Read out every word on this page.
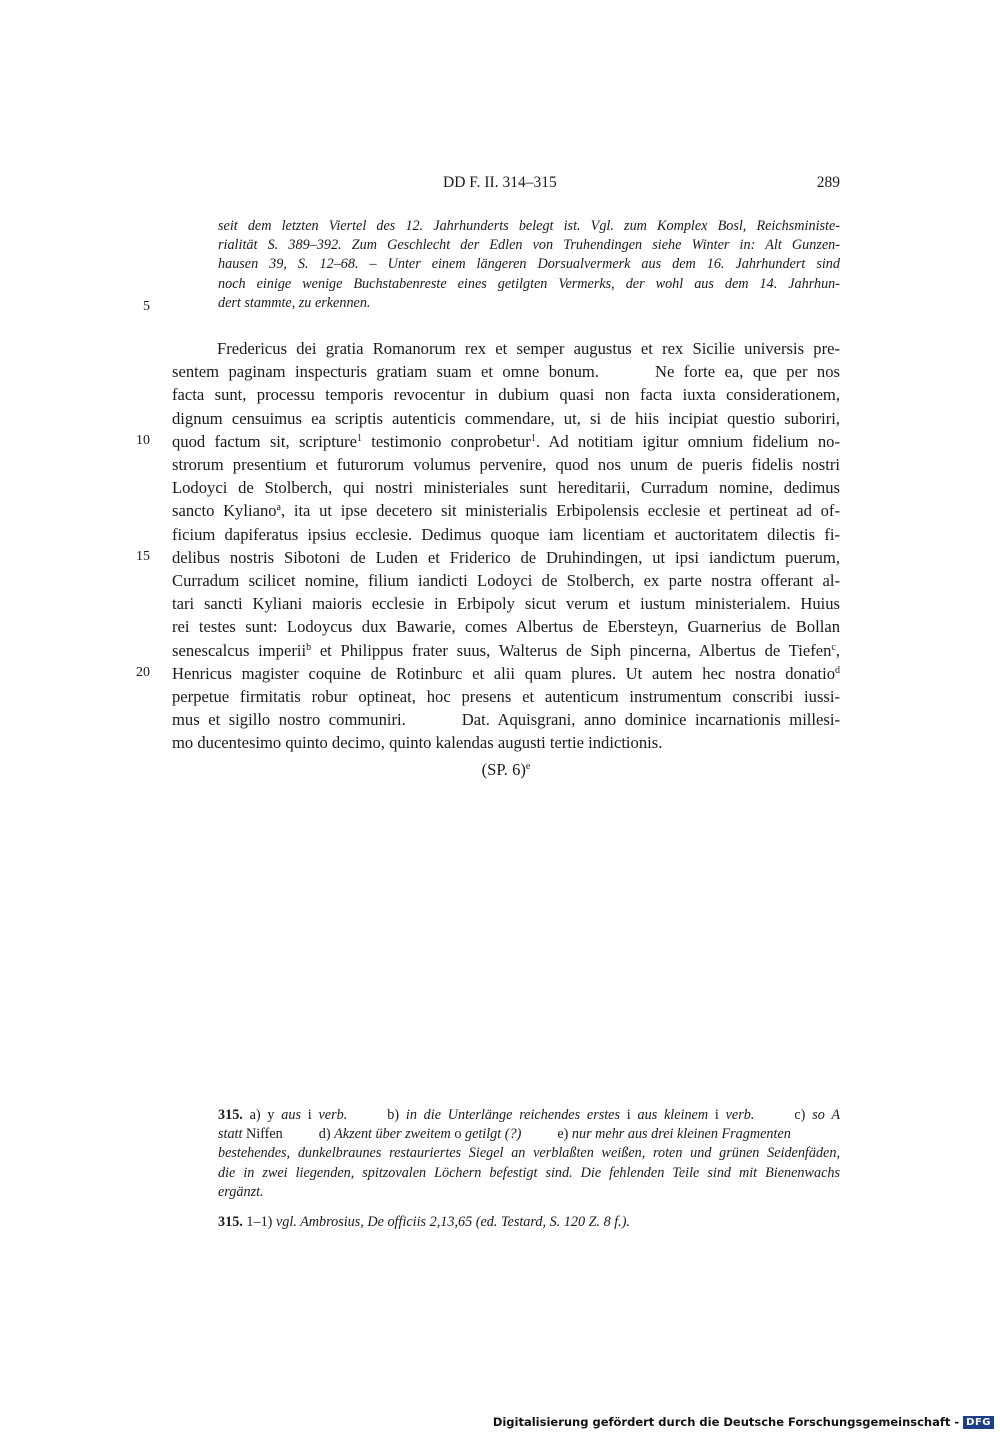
DD F. II. 314–315	289
seit dem letzten Viertel des 12. Jahrhunderts belegt ist. Vgl. zum Komplex Bosl, Reichsministe-
rialität S. 389–392. Zum Geschlecht der Edlen von Truhendingen siehe Winter in: Alt Gunzen-
hausen 39, S. 12–68. – Unter einem längeren Dorsualvermerk aus dem 16. Jahrhundert sind
noch einige wenige Buchstabenreste eines getilgten Vermerks, der wohl aus dem 14. Jahrhun-
dert stammte, zu erkennen.
5
10
15
20
Fredericus dei gratia Romanorum rex et semper augustus et rex Sicilie universis pre-
sentem paginam inspecturis gratiam suam et omne bonum.	Ne forte ea, que per nos
facta sunt, processu temporis revocentur in dubium quasi non facta iuxta considerationem,
dignum censuimus ea scriptis autenticis commendare, ut, si de hiis incipiat questio suboriri,
quod factum sit, scripture$^1$ testimonio conprobetur$^1$. Ad notitiam igitur omnium fidelium no-
strorum presentium et futurorum volumus pervenire, quod nos unum de pueris fidelis nostri
Lodoyci de Stolberch, qui nostri ministeriales sunt hereditarii, Curradum nomine, dedimus
sancto Kyliano$^a$, ita ut ipse decetero sit ministerialis Erbipolensis ecclesie et pertineat ad of-
ficium dapiferatus ipsius ecclesie. Dedimus quoque iam licentiam et auctoritatem dilectis fi-
delibus nostris Sibotoni de Luden et Friderico de Druhindingen, ut ipsi iandictum puerum,
Curradum scilicet nomine, filium iandicti Lodoyci de Stolberch, ex parte nostra offerant al-
tari sancti Kyliani maioris ecclesie in Erbipoly sicut verum et iustum ministerialem. Huius
rei testes sunt: Lodoycus dux Bawarie, comes Albertus de Ebersteyn, Guarnerius de Bollan
senescalcus imperii$^b$ et Philippus frater suus, Walterus de Siph pincerna, Albertus de Tiefen$^c$,
Henricus magister coquine de Rotinburc et alii quam plures. Ut autem hec nostra donatio$^d$
perpetue firmitatis robur optineat, hoc presens et autenticum instrumentum conscribi iussi-
mus et sigillo nostro communiri.	Dat. Aquisgrani, anno dominice incarnationis millesi-
mo ducentesimo quinto decimo, quinto kalendas augusti tertie indictionis.
(SP. 6)$^e$
315. a) y aus i verb.	b) in die Unterlänge reichendes erstes i aus kleinem i verb.	c) so A
statt Niffen	d) Akzent über zweitem o getilgt (?)	e) nur mehr aus drei kleinen Fragmenten
bestehendes, dunkelbraunes restauriertes Siegel an verblaßten weißen, roten und grünen Seidenfäden,
die in zwei liegenden, spitzovalen Löchern befestigt sind. Die fehlenden Teile sind mit Bienenwachs
ergänzt.
315. 1–1) vgl. Ambrosius, De officiis 2,13,65 (ed. Testard, S. 120 Z. 8 f.).
Digitalisierung gefördert durch die Deutsche Forschungsgemeinschaft - DFG
